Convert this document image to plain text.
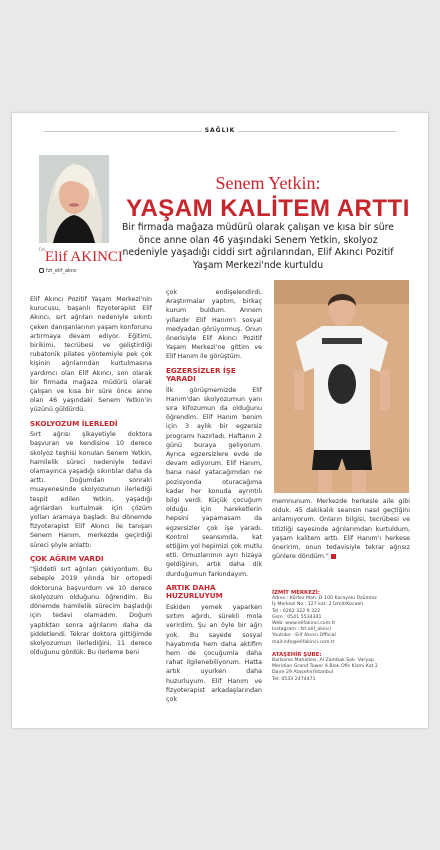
SAĞLIK
Fzt.
Elif AKINCI
fzt_elif_aknc
Senem Yetkin:
YAŞAM KALİTEM ARTTI
Bir firmada mağaza müdürü olarak çalışan ve kısa bir süre önce anne olan 46 yaşındaki Senem Yetkin, skolyoz nedeniyle yaşadığı ciddi sırt ağrılarından, Elif Akıncı Pozitif Yaşam Merkezi'nde kurtuldu

Elif Akıncı Pozitif Yaşam Merkezi'nin kurucusu, başarılı fizyoterapist Elif Akıncı, sırt ağrıları nedeniyle sıkıntı çeken danışanlarının yaşam konforunu artırmaya devam ediyor. Eğitimi, birikimi, tecrübesi ve geliştirdiği rubatonik pilates yöntemiyle pek çok kişinin ağrılarından kurtulmasına yardımcı olan Elif Akıncı, son olarak bir firmada mağaza müdürü olarak çalışan ve kısa bir süre önce anne olan 46 yaşındaki Senem Yetkin'in yüzünü güldürdü.

SKOLYOZUM İLERLEDİ

Sırt ağrısı şikayetiyle doktora başvuran ve kendisine 10 derece skolyoz teşhisi konulan Senem Yetkin, hamilelik süreci nedeniyle tedavi olamayınca yaşadığı sıkıntılar daha da arttı. Doğumdan sonraki muayenesinde skolyozunun ilerlediği tespit edilen Yetkin, yaşadığı ağrılardan kurtulmak için çözüm yolları aramaya başladı. Bu dönemde fizyoterapist Elif Akıncı ile tanışan Senem Hanım, merkezde geçirdiği süreci şöyle anlattı:

ÇOK AĞRIM VARDI

"Şiddetli sırt ağrıları çekiyordum. Bu sebeple 2019 yılında bir ortopedi doktoruna başvurdum ve 10 derece skolyozum olduğunu öğrendim. Bu dönemde hamilelik sürecim başladığı için tedavi olamadım. Doğum yaptıktan sonra ağrılarım daha da şiddetlendi. Tekrar doktora gittiğimde skolyozumun ilerlediğini, 11 derece olduğunu gördük. Bu ilerleme beni

çok endişelendirdi. Araştırmalar yaptım, birkaç kurum buldum. Annem yıllardır Elif Hanım'ı sosyal medyadan görüyormuş. Onun önerisiyle Elif Akıncı Pozitif Yaşam Merkezi'ne gittim ve Elif Hanım ile görüştüm.

EGZERSİZLER İŞE YARADI

İlk görüşmemizde Elif Hanım'dan skolyozumun yanı sıra kifozumun da olduğunu öğrendim. Elif Hanım benim için 3 aylık bir egzersiz programı hazırladı. Haftanın 2 günü buraya geliyorum. Ayrıca egzersizlere evde de devam ediyorum. Elif Hanım, bana nasıl yatacağımdan ne pozisyonda oturacağıma kadar her konuda ayrıntılı bilgi verdi. Küçük çocuğum olduğu için hareketlerin hepsini yapamasam da egzersizler çok işe yaradı. Kontrol seansımda, kat ettiğim yol hepimizi çok mutlu etti. Omuzlarımın ayrı hizaya geldiğinin, artık daha dik durduğumun farkındayım.

ARTIK DAHA HUZURLUYUM

Eskiden yemek yaparken sırtım ağırdı, sürekli mola verirdim. Şu an öyle bir ağrı yok. Bu sayede sosyal hayatımda hem daha aktifim hem de çocuğumla daha rahat ilgilenebiliyorum. Hatta artık uyurken daha huzurluyum. Elif Hanım ve fizyoterapist arkadaşlarından çok

memnunum. Merkezde herkesle aile gibi olduk. 45 dakikalık seansın nasıl geçtiğini anlamıyorum. Onların bilgisi, tecrübesi ve titizliği sayesinde ağrılarımdan kurtuldum, yaşam kalitem arttı. Elif Hanım'ı herkese öneririm, onun tedavisiyle tekrar ağrısız günlere döndüm."

İZMİT MERKEZİ:
Adres : Körfez Mah. D-100 Karayolu Üzümlez
İş Merkezi No : 127 kat: 2 İzmit/Kocaeli
Tel : 0262 322 9 322
Gsm : 0541 5534341
Web: www.elifakinci.com.tr
Instagram : fzt.elif_akinci
Youtube : Elif Akıncı Official
mail:info@elifakinci.com.tr
ATAŞEHİR ŞUBE:
Barbaros Mahallesi, Al Zambak Sok. Varyap
Meridian Grand Tower A Blok Ofis Kismi Kat 2
Daire 29 Ataşehir/İstanbul
Tel: 0533 2474471
